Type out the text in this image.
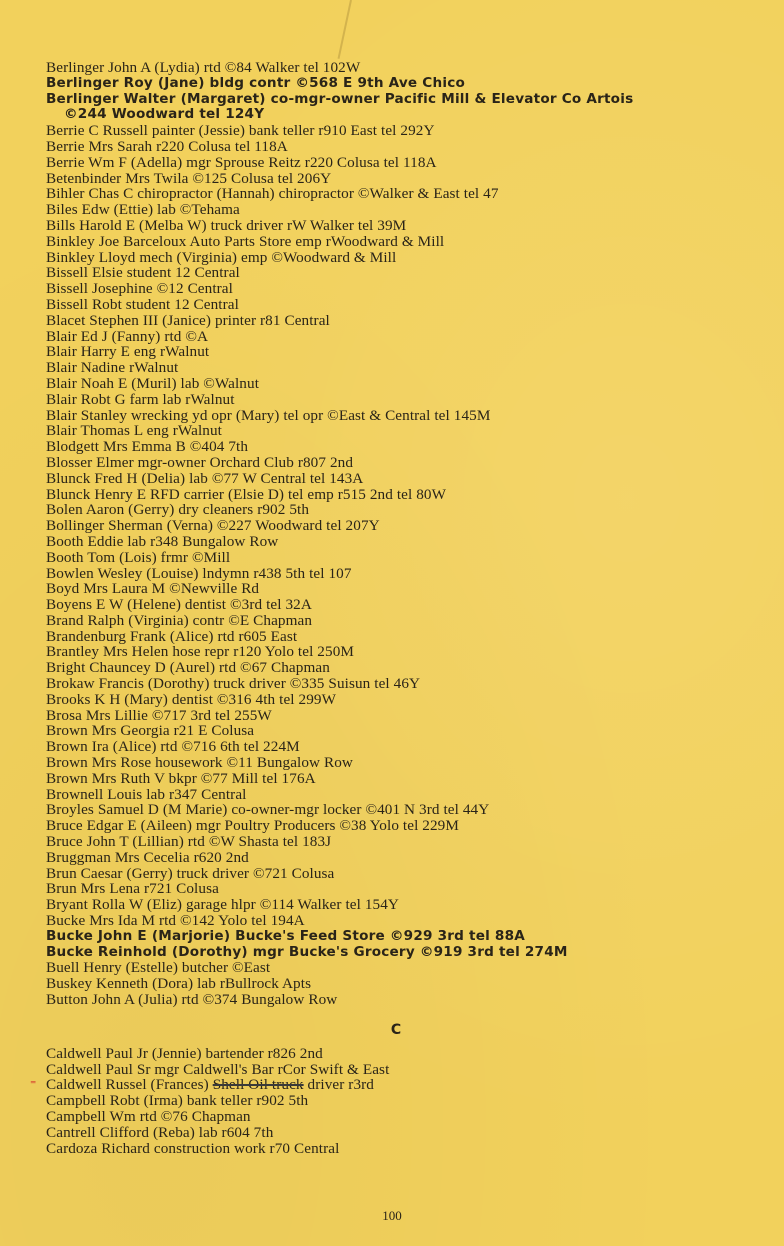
Berlinger John A (Lydia) rtd ©84 Walker tel 102W
Berlinger Roy (Jane) bldg contr ©568 E 9th Ave Chico
Berlinger Walter (Margaret) co-mgr-owner Pacific Mill & Elevator Co Artois
©244 Woodward tel 124Y
Berrie C Russell painter (Jessie) bank teller r910 East tel 292Y
Berrie Mrs Sarah r220 Colusa tel 118A
Berrie Wm F (Adella) mgr Sprouse Reitz r220 Colusa tel 118A
Betenbinder Mrs Twila ©125 Colusa tel 206Y
Bihler Chas C chiropractor (Hannah) chiropractor ©Walker & East tel 47
Biles Edw (Ettie) lab ©Tehama
Bills Harold E (Melba W) truck driver rW Walker tel 39M
Binkley Joe Barceloux Auto Parts Store emp rWoodward & Mill
Binkley Lloyd mech (Virginia) emp ©Woodward & Mill
Bissell Elsie student 12 Central
Bissell Josephine ©12 Central
Bissell Robt student 12 Central
Blacet Stephen III (Janice) printer r81 Central
Blair Ed J (Fanny) rtd ©A
Blair Harry E eng rWalnut
Blair Nadine rWalnut
Blair Noah E (Muril) lab ©Walnut
Blair Robt G farm lab rWalnut
Blair Stanley wrecking yd opr (Mary) tel opr ©East & Central tel 145M
Blair Thomas L eng rWalnut
Blodgett Mrs Emma B ©404 7th
Blosser Elmer mgr-owner Orchard Club r807 2nd
Blunck Fred H (Delia) lab ©77 W Central tel 143A
Blunck Henry E RFD carrier (Elsie D) tel emp r515 2nd tel 80W
Bolen Aaron (Gerry) dry cleaners r902 5th
Bollinger Sherman (Verna) ©227 Woodward tel 207Y
Booth Eddie lab r348 Bungalow Row
Booth Tom (Lois) frmr ©Mill
Bowlen Wesley (Louise) lndymn r438 5th tel 107
Boyd Mrs Laura M ©Newville Rd
Boyens E W (Helene) dentist ©3rd tel 32A
Brand Ralph (Virginia) contr ©E Chapman
Brandenburg Frank (Alice) rtd r605 East
Brantley Mrs Helen hose repr r120 Yolo tel 250M
Bright Chauncey D (Aurel) rtd ©67 Chapman
Brokaw Francis (Dorothy) truck driver ©335 Suisun tel 46Y
Brooks K H (Mary) dentist ©316 4th tel 299W
Brosa Mrs Lillie ©717 3rd tel 255W
Brown Mrs Georgia r21 E Colusa
Brown Ira (Alice) rtd ©716 6th tel 224M
Brown Mrs Rose housework ©11 Bungalow Row
Brown Mrs Ruth V bkpr ©77 Mill tel 176A
Brownell Louis lab r347 Central
Broyles Samuel D (M Marie) co-owner-mgr locker ©401 N 3rd tel 44Y
Bruce Edgar E (Aileen) mgr Poultry Producers ©38 Yolo tel 229M
Bruce John T (Lillian) rtd ©W Shasta tel 183J
Bruggman Mrs Cecelia r620 2nd
Brun Caesar (Gerry) truck driver ©721 Colusa
Brun Mrs Lena r721 Colusa
Bryant Rolla W (Eliz) garage hlpr ©114 Walker tel 154Y
Bucke Mrs Ida M rtd ©142 Yolo tel 194A
Bucke John E (Marjorie) Bucke's Feed Store ©929 3rd tel 88A
Bucke Reinhold (Dorothy) mgr Bucke's Grocery ©919 3rd tel 274M
Buell Henry (Estelle) butcher ©East
Buskey Kenneth (Dora) lab rBullrock Apts
Button John A (Julia) rtd ©374 Bungalow Row
C
Caldwell Paul Jr (Jennie) bartender r826 2nd
Caldwell Paul Sr mgr Caldwell's Bar rCor Swift & East
⁼ Caldwell Russel (Frances) Shell Oil truck driver r3rd
Campbell Robt (Irma) bank teller r902 5th
Campbell Wm rtd ©76 Chapman
Cantrell Clifford (Reba) lab r604 7th
Cardoza Richard construction work r70 Central
100
